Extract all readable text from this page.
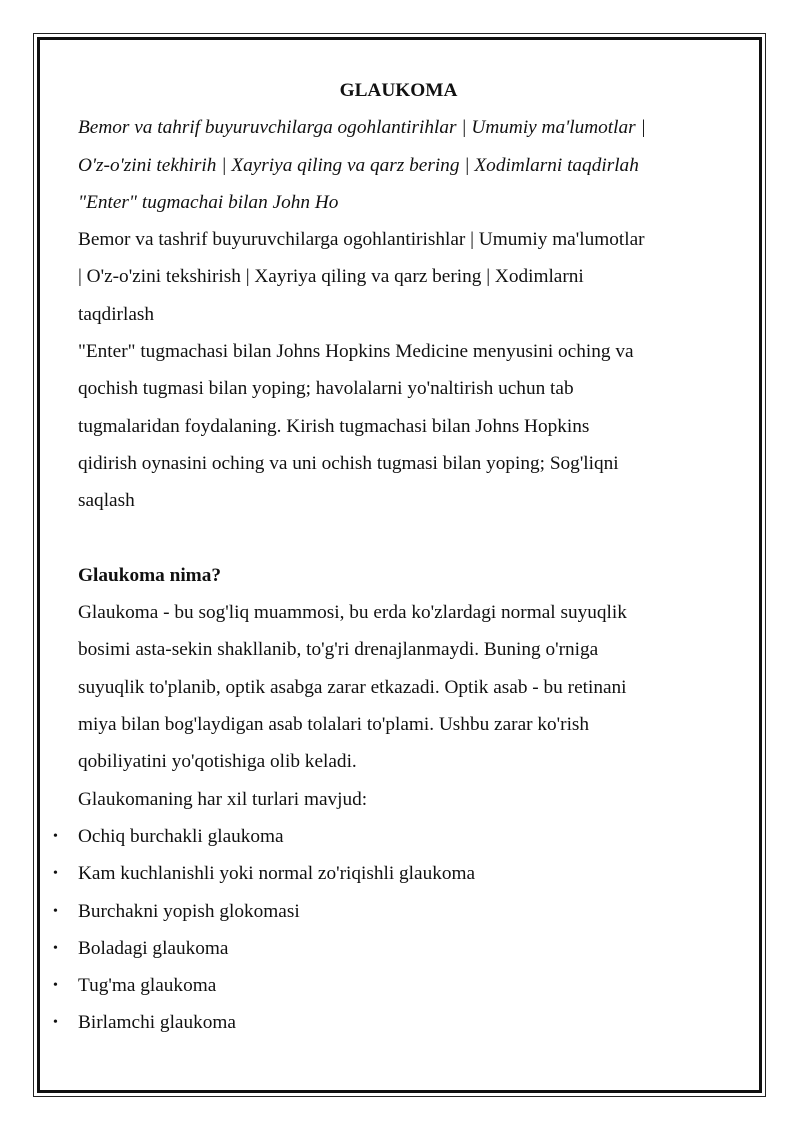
GLAUKOMA
Bemor va tahrif buyuruvchilarga ogohlantirihlar | Umumiy ma'lumotlar |
O'z-o'zini tekhirih | Xayriya qiling va qarz bering | Xodimlarni taqdirlah
"Enter" tugmachai bilan John Ho
Bemor va tashrif buyuruvchilarga ogohlantirishlar | Umumiy ma'lumotlar
| O'z-o'zini tekshirish | Xayriya qiling va qarz bering | Xodimlarni
taqdirlash
"Enter" tugmachasi bilan Johns Hopkins Medicine menyusini oching va
qochish tugmasi bilan yoping; havolalarni yo'naltirish uchun tab
tugmalaridan foydalaning. Kirish tugmachasi bilan Johns Hopkins
qidirish oynasini oching va uni ochish tugmasi bilan yoping; Sog'liqni
saqlash
Glaukoma nima?
Glaukoma - bu sog'liq muammosi, bu erda ko'zlardagi normal suyuqlik
bosimi asta-sekin shakllanib, to'g'ri drenajlanmaydi. Buning o'rniga
suyuqlik to'planib, optik asabga zarar etkazadi. Optik asab - bu retinani
miya bilan bog'laydigan asab tolalari to'plami. Ushbu zarar ko'rish
qobiliyatini yo'qotishiga olib keladi.
Glaukomaning har xil turlari mavjud:
• Ochiq burchakli glaukoma
• Kam kuchlanishli yoki normal zo'riqishli glaukoma
• Burchakni yopish glokomasi
• Boladagi glaukoma
• Tug'ma glaukoma
• Birlamchi glaukoma
